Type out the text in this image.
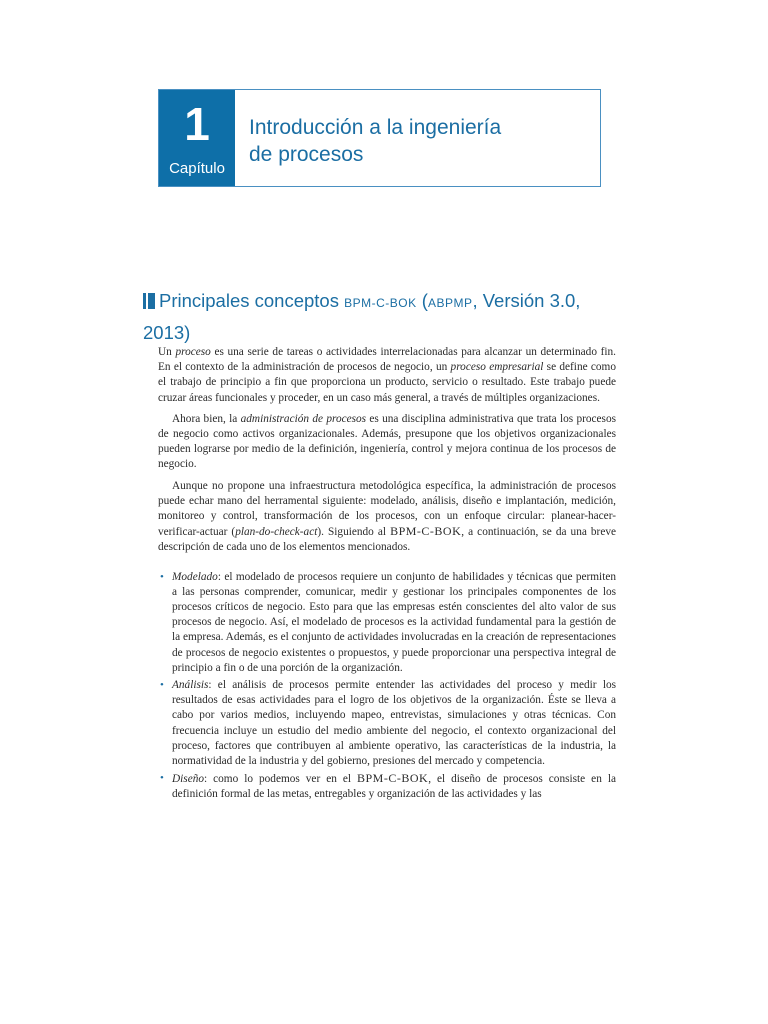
1
Capítulo
Introducción a la ingeniería
de procesos
Principales conceptos BPM-C-BOK (ABPMP, Versión 3.0, 2013)

Un proceso es una serie de tareas o actividades interrelacionadas para alcanzar un determinado fin. En el contexto de la administración de procesos de negocio, un proceso empresarial se define como el trabajo de principio a fin que proporciona un producto, servicio o resultado. Este trabajo puede cruzar áreas funcionales y proceder, en un caso más general, a través de múltiples organizaciones.

Ahora bien, la administración de procesos es una disciplina administrativa que trata los procesos de negocio como activos organizacionales. Además, presupone que los objetivos organizacionales pueden lograrse por medio de la definición, ingeniería, control y mejora continua de los procesos de negocio.

Aunque no propone una infraestructura metodológica específica, la administración de procesos puede echar mano del herramental siguiente: modelado, análisis, diseño e implantación, medición, monitoreo y control, transformación de los procesos, con un enfoque circular: planear-hacer-verificar-actuar (plan-do-check-act). Siguiendo al BPM-C-BOK, a continuación, se da una breve descripción de cada uno de los elementos mencionados.

• Modelado: el modelado de procesos requiere un conjunto de habilidades y técnicas que permiten a las personas comprender, comunicar, medir y gestionar los principales componentes de los procesos críticos de negocio. Esto para que las empresas estén conscientes del alto valor de sus procesos de negocio. Así, el modelado de procesos es la actividad fundamental para la gestión de la empresa. Además, es el conjunto de actividades involucradas en la creación de representaciones de procesos de negocio existentes o propuestos, y puede proporcionar una perspectiva integral de principio a fin o de una porción de la organización.
• Análisis: el análisis de procesos permite entender las actividades del proceso y medir los resultados de esas actividades para el logro de los objetivos de la organización. Éste se lleva a cabo por varios medios, incluyendo mapeo, entrevistas, simulaciones y otras técnicas. Con frecuencia incluye un estudio del medio ambiente del negocio, el contexto organizacional del proceso, factores que contribuyen al ambiente operativo, las características de la industria, la normatividad de la industria y del gobierno, presiones del mercado y competencia.
• Diseño: como lo podemos ver en el BPM-C-BOK, el diseño de procesos consiste en la definición formal de las metas, entregables y organización de las actividades y las
